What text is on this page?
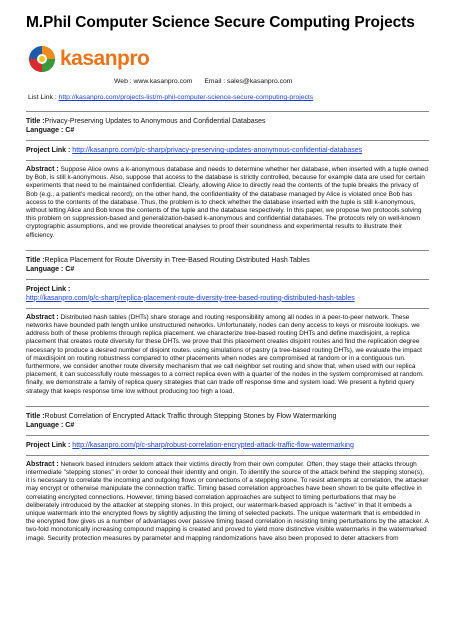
M.Phil Computer Science Secure Computing Projects
kasanpro
Web : www.kasanpro.com Email : sales@kasanpro.com
List Link : http://kasanpro.com/projects-list/m-phil-computer-science-secure-computing-projects
Title :Privacy-Preserving Updates to Anonymous and Confidential Databases
Language : C#
Project Link : http://kasanpro.com/p/c-sharp/privacy-preserving-updates-anonymous-confidential-databases
Abstract : Suppose Alice owns a k-anonymous database and needs to determine whether her database, when inserted with a tuple owned by Bob, is still k-anonymous. Also, suppose that access to the database is strictly controlled, because for example data are used for certain experiments that need to be maintained confidential. Clearly, allowing Alice to directly read the contents of the tuple breaks the privacy of Bob (e.g., a patient's medical record); on the other hand, the confidentiality of the database managed by Alice is violated once Bob has access to the contents of the database. Thus, the problem is to check whether the database inserted with the tuple is still k-anonymous, without letting Alice and Bob know the contents of the tuple and the database respectively. In this paper, we propose two protocols solving this problem on suppression-based and generalization-based k-anonymous and confidential databases. The protocols rely on well-known cryptographic assumptions, and we provide theoretical analyses to proof their soundness and experimental results to illustrate their efficiency.
Title :Replica Placement for Route Diversity in Tree-Based Routing Distributed Hash Tables
Language : C#
Project Link :
http://kasanpro.com/p/c-sharp/replica-placement-route-diversity-tree-based-routing-distributed-hash-tables
Abstract : Distributed hash tables (DHTs) share storage and routing responsibility among all nodes in a peer-to-peer network. These networks have bounded path length unlike unstructured networks. Unfortunately, nodes can deny access to keys or misroute lookups. we address both of these problems through replica placement. we characterize tree-based routing DHTs and define maxdisjoint, a replica placement that creates route diversity for these DHTs. we prove that this placement creates disjoint routes and find the replication degree necessary to produce a desired number of disjoint routes. using simulations of pastry (a tree-based routing DHTs), we evaluate the impact of maxdisjoint on routing robustness compared to other placements when nodes are compromised at random or in a contiguous run. furthermore, we consider another route diversity mechanism that we call neighbor set routing and show that, when used with our replica placement, it can successfully route messages to a correct replica even with a quarter of the nodes in the system compromised at random. finally, we demonstrate a family of replica query strategies that can trade off response time and system load. We present a hybrid query strategy that keeps response time low without producing too high a load.
Title :Robust Correlation of Encrypted Attack Traffic through Stepping Stones by Flow Watermarking
Language : C#
Project Link : http://kasanpro.com/p/c-sharp/robust-correlation-encrypted-attack-traffic-flow-watermarking
Abstract : Network based intruders seldom attack their victims directly from their own computer. Often, they stage their attacks through intermediate "stepping stones" in order to conceal their identity and origin. To identify the source of the attack behind the stepping stone(s), it is necessary to correlate the incoming and outgoing flows or connections of a stepping stone. To resist attempts at correlation, the attacker may encrypt or otherwise manipulate the connection traffic. Timing based correlation approaches have been shown to be quite effective in correlating encrypted connections. However, timing based correlation approaches are subject to timing perturbations that may be deliberately introduced by the attacker at stepping stones. In this project, our watermark-based approach is "active" in that It embeds a unique watermark into the encrypted flows by slightly adjusting the timing of selected packets. The unique watermark that is embedded in the encrypted flow gives us a number of advantages over passive timing based correlation in resisting timing perturbations by the attacker. A two-fold monotonically increasing compound mapping is created and proved to yield more distinctive visible watermarks in the watermarked image. Security protection measures by parameter and mapping randomizations have also been proposed to deter attackers from
